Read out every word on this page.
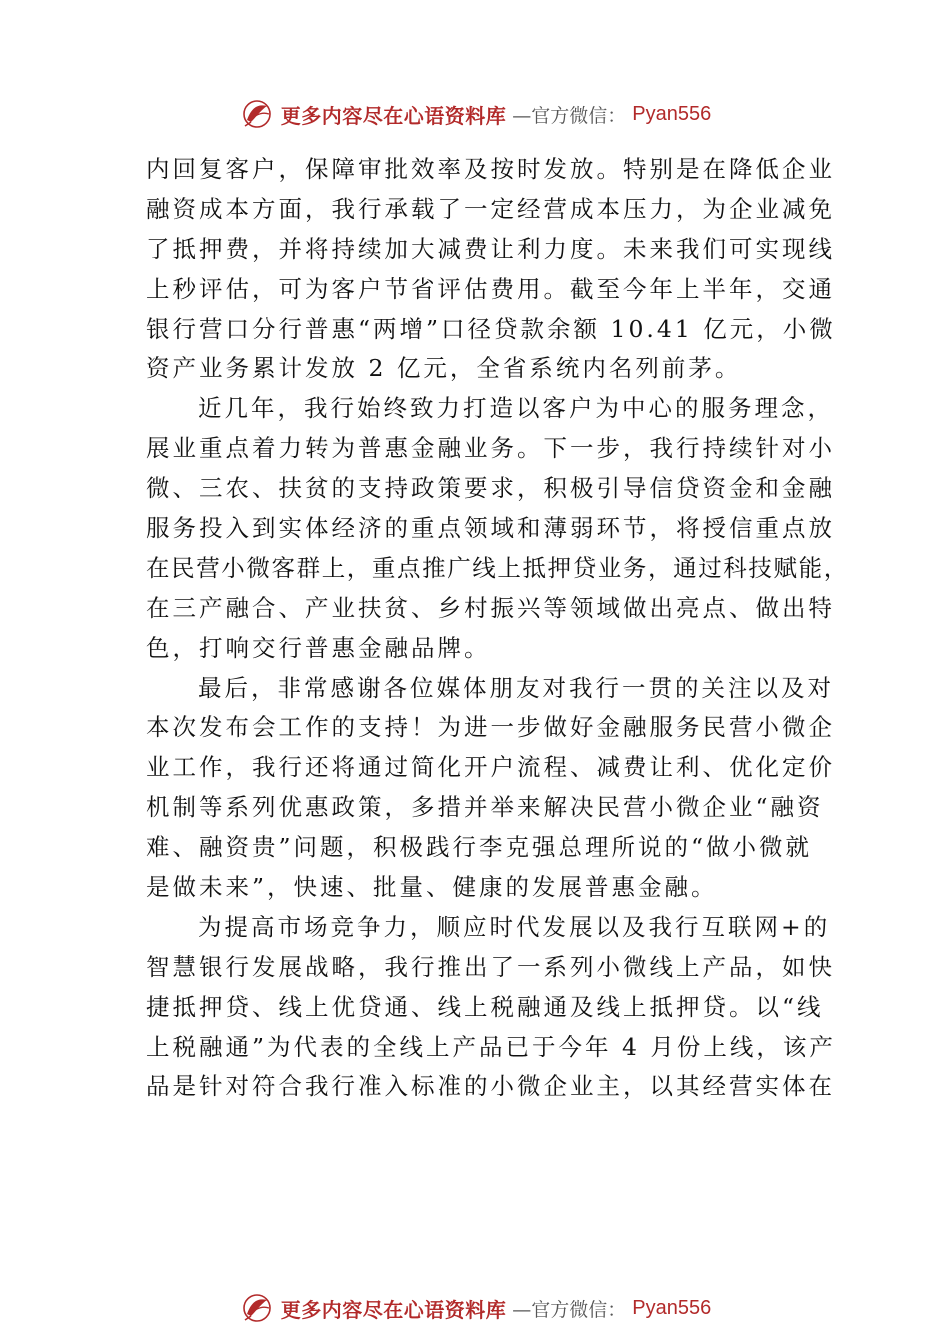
更多内容尽在心语资料库 —官方微信： Pyan556
内回复客户，保障审批效率及按时发放。特别是在降低企业
融资成本方面，我行承载了一定经营成本压力，为企业减免
了抵押费，并将持续加大减费让利力度。未来我们可实现线
上秒评估，可为客户节省评估费用。截至今年上半年，交通
银行营口分行普惠“两增”口径贷款余额 10.41 亿元，小微
资产业务累计发放 2 亿元，全省系统内名列前茅。
近几年，我行始终致力打造以客户为中心的服务理念，
展业重点着力转为普惠金融业务。下一步，我行持续针对小
微、三农、扶贫的支持政策要求，积极引导信贷资金和金融
服务投入到实体经济的重点领域和薄弱环节，将授信重点放
在民营小微客群上，重点推广线上抵押贷业务，通过科技赋能，
在三产融合、产业扶贫、乡村振兴等领域做出亮点、做出特
色，打响交行普惠金融品牌。
最后，非常感谢各位媒体朋友对我行一贯的关注以及对
本次发布会工作的支持！为进一步做好金融服务民营小微企
业工作，我行还将通过简化开户流程、减费让利、优化定价
机制等系列优惠政策，多措并举来解决民营小微企业“融资
难、融资贵”问题，积极践行李克强总理所说的“做小微就
是做未来”，快速、批量、健康的发展普惠金融。
为提高市场竞争力，顺应时代发展以及我行互联网+的
智慧银行发展战略，我行推出了一系列小微线上产品，如快
捷抵押贷、线上优贷通、线上税融通及线上抵押贷。以“线
上税融通”为代表的全线上产品已于今年 4 月份上线，该产
品是针对符合我行准入标准的小微企业主，以其经营实体在
更多内容尽在心语资料库 —官方微信： Pyan556
